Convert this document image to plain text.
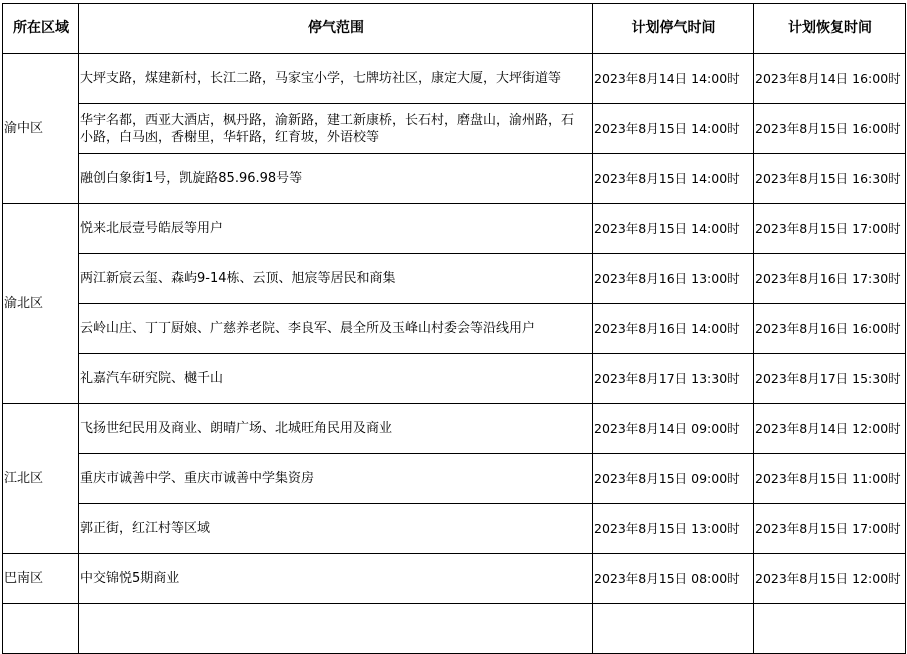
所在区域	停气范围	计划停气时间	计划恢复时间
渝中区	大坪支路，煤建新村，长江二路，马家宝小学，七牌坊社区，康定大厦，大坪街道等	2023年8月14日 14:00时	2023年8月14日 16:00时
	华宇名都，西亚大酒店，枫丹路，渝新路，建工新康桥，长石村，磨盘山，渝州路，石小路，白马凼，香榭里，华轩路，红育坡，外语校等	2023年8月15日 14:00时	2023年8月15日 16:00时
	融创白象街1号，凯旋路85.96.98号等	2023年8月15日 14:00时	2023年8月15日 16:30时
渝北区	悦来北辰壹号皓辰等用户	2023年8月15日 14:00时	2023年8月15日 17:00时
	两江新宸云玺、森屿9-14栋、云顶、旭宸等居民和商集	2023年8月16日 13:00时	2023年8月16日 17:30时
	云岭山庄、丁丁厨娘、广慈养老院、李良军、晨全所及玉峰山村委会等沿线用户	2023年8月16日 14:00时	2023年8月16日 16:00时
	礼嘉汽车研究院、樾千山	2023年8月17日 13:30时	2023年8月17日 15:30时
江北区	飞扬世纪民用及商业、朗晴广场、北城旺角民用及商业	2023年8月14日 09:00时	2023年8月14日 12:00时
	重庆市诚善中学、重庆市诚善中学集资房	2023年8月15日 09:00时	2023年8月15日 11:00时
	郭正街，红江村等区域	2023年8月15日 13:00时	2023年8月15日 17:00时
巴南区	中交锦悦5期商业	2023年8月15日 08:00时	2023年8月15日 12:00时
